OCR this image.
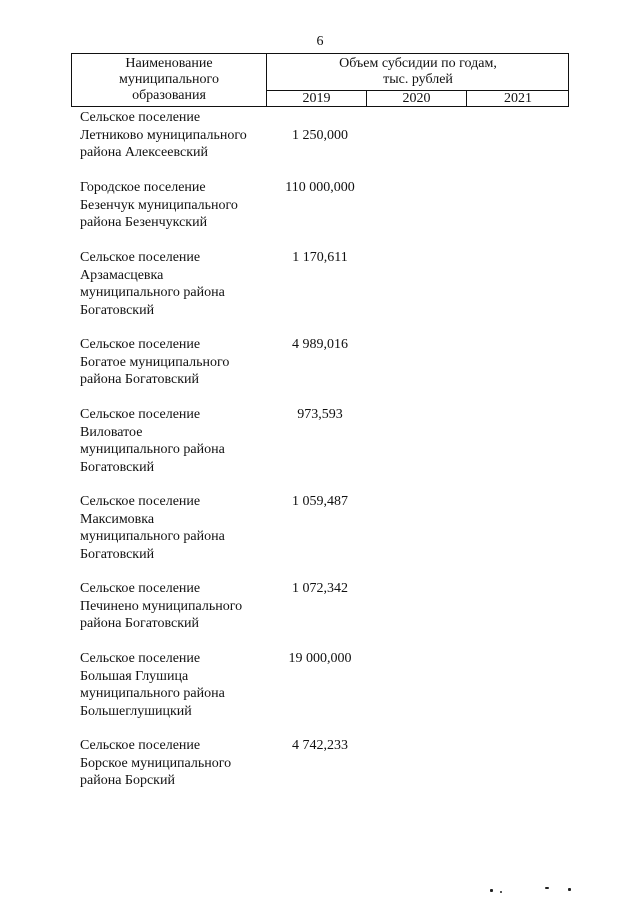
6
Наименование
муниципального
образования
Объем субсидии по годам,
тыс. рублей
2019	2020	2021
Сельское поселение
Летниково муниципального
района Алексеевский
1 250,000
Городское поселение
Безенчук муниципального
района Безенчукский
110 000,000
Сельское поселение
Арзамасцевка
муниципального района
Богатовский
1 170,611
Сельское поселение
Богатое муниципального
района Богатовский
4 989,016
Сельское поселение
Виловатое
муниципального района
Богатовский
973,593
Сельское поселение
Максимовка
муниципального района
Богатовский
1 059,487
Сельское поселение
Печинено муниципального
района Богатовский
1 072,342
Сельское поселение
Большая Глушица
муниципального района
Большеглушицкий
19 000,000
Сельское поселение
Борское муниципального
района Борский
4 742,233
